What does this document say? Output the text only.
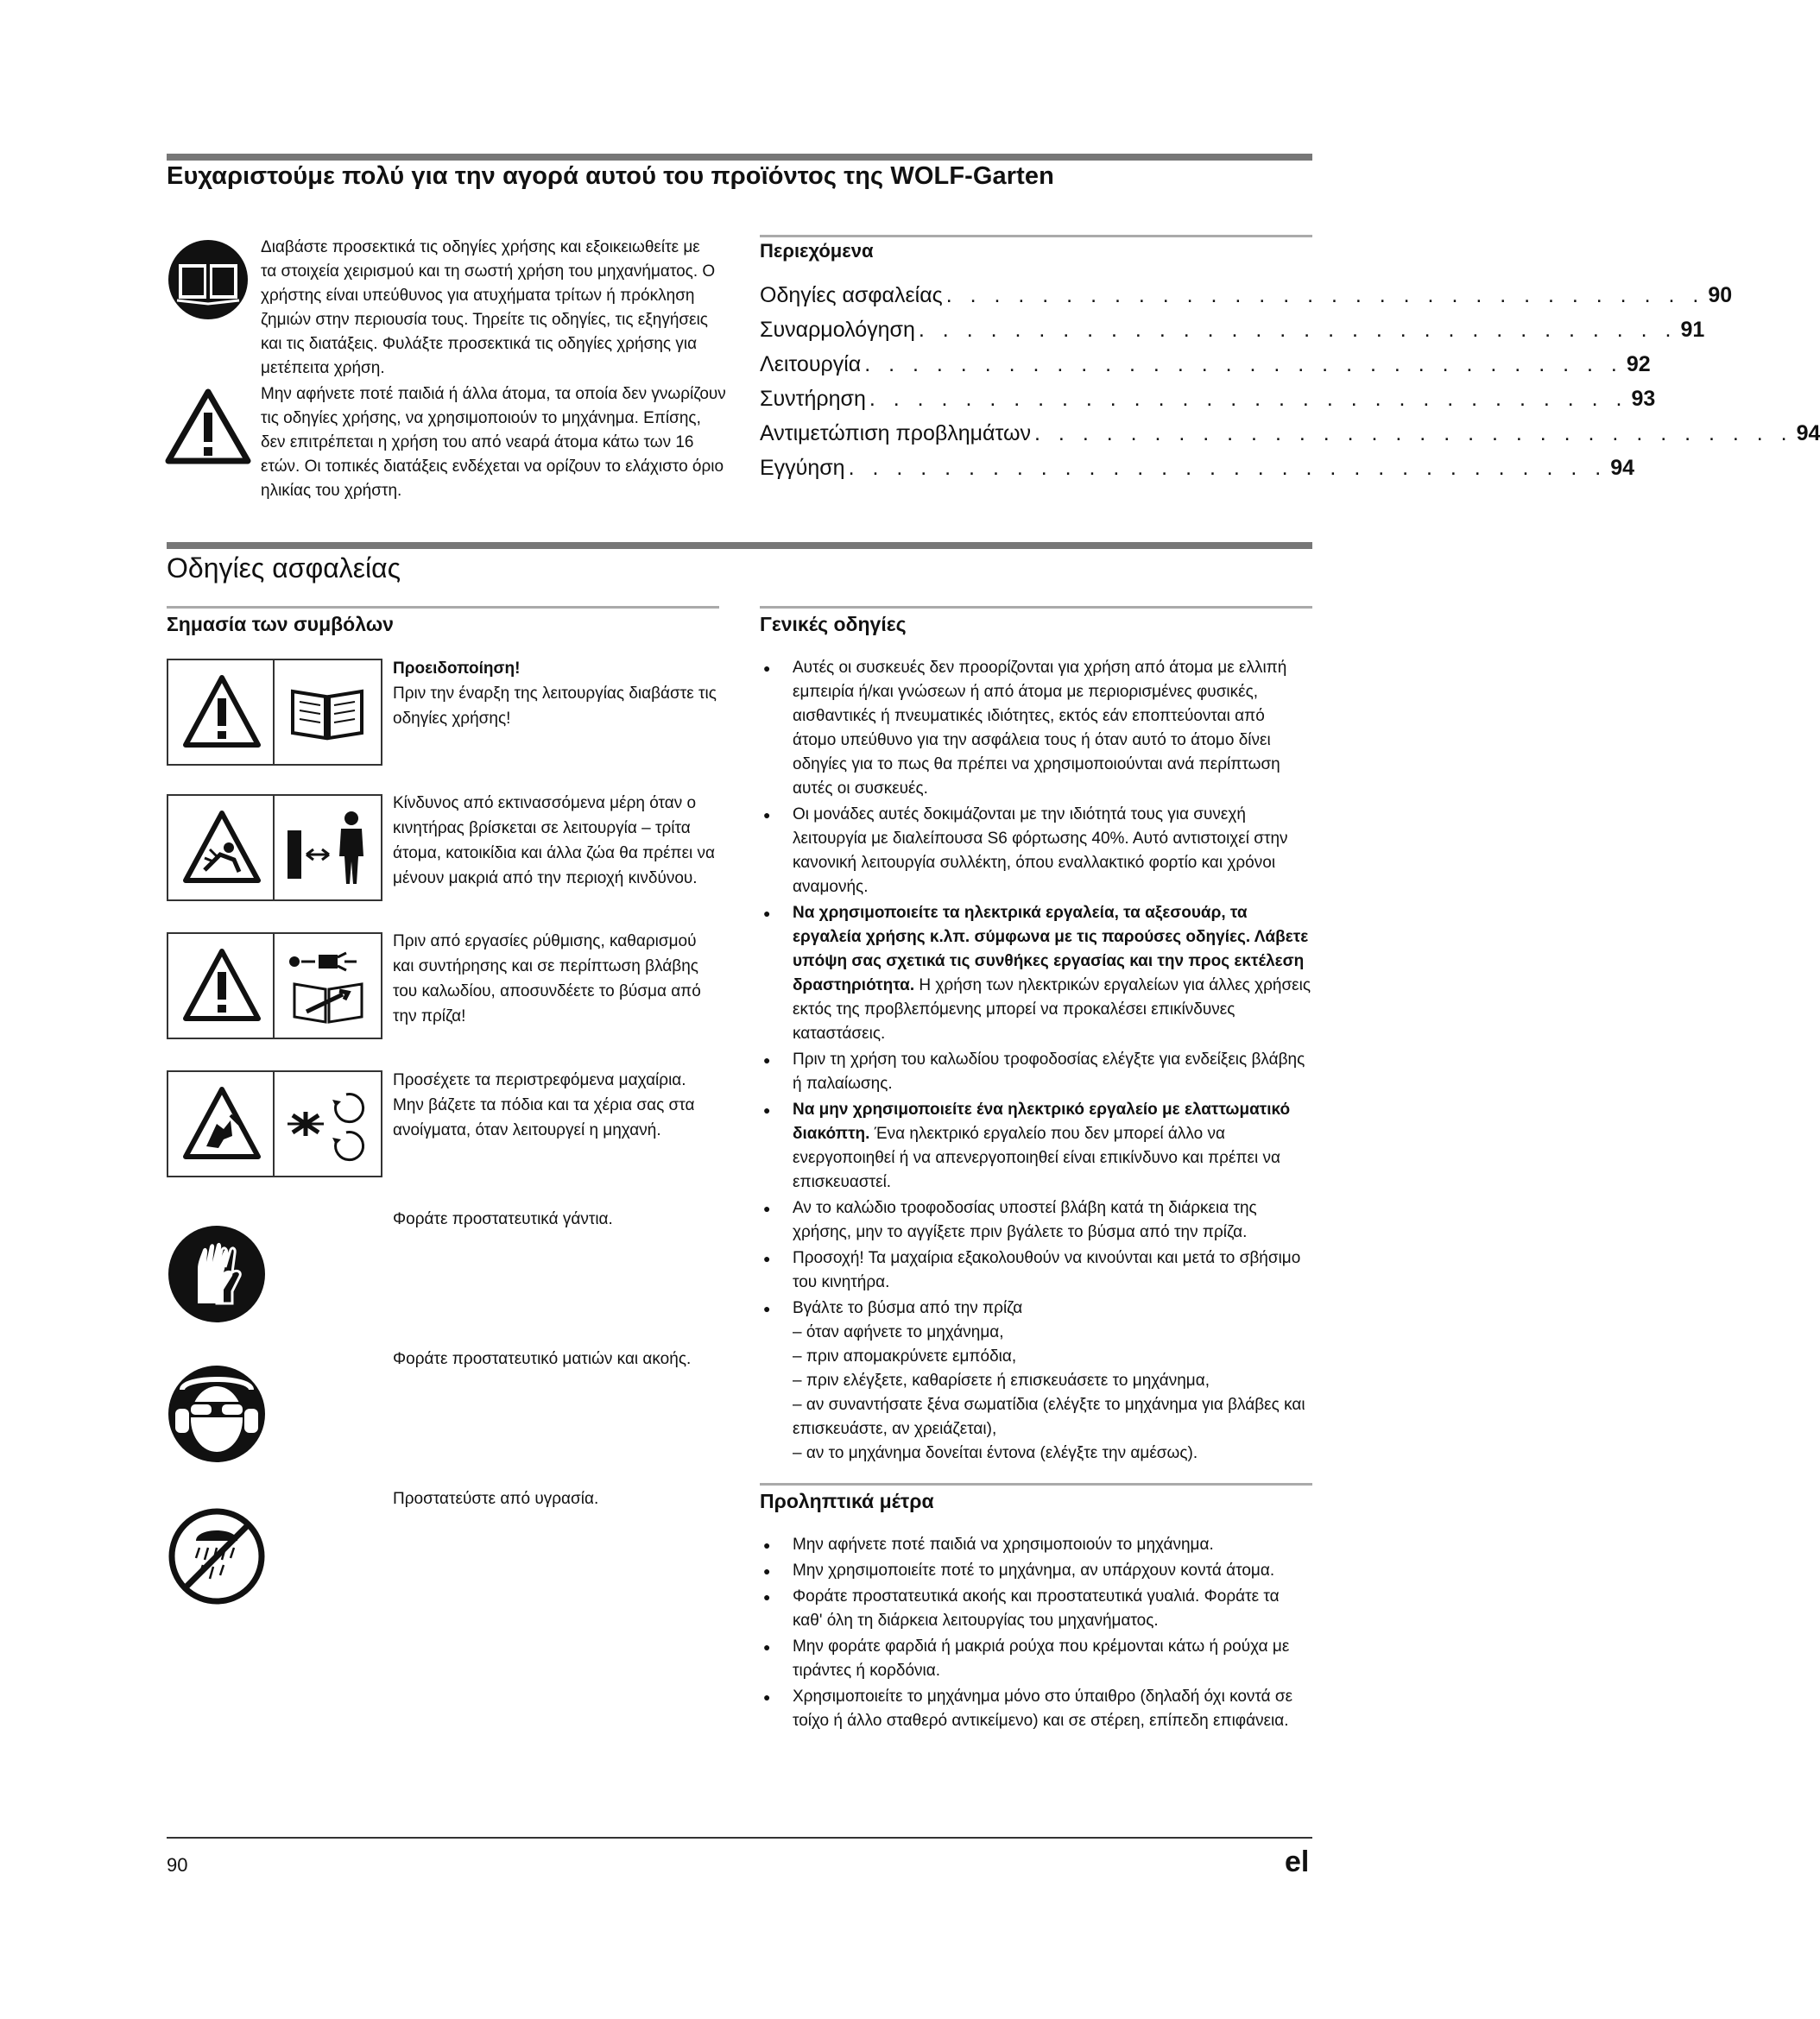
Ευχαριστούμε πολύ για την αγορά αυτού του προϊόντος της WOLF-Garten
Διαβάστε προσεκτικά τις οδηγίες χρήσης και εξοικειωθείτε με τα στοιχεία χειρισμού και τη σωστή χρήση του μηχανήματος. Ο χρήστης είναι υπεύθυνος για ατυχήματα τρίτων ή πρόκληση ζημιών στην περιουσία τους. Τηρείτε τις οδηγίες, τις εξηγήσεις και τις διατάξεις. Φυλάξτε προσεκτικά τις οδηγίες χρήσης για μετέπειτα χρήση.
Μην αφήνετε ποτέ παιδιά ή άλλα άτομα, τα οποία δεν γνωρίζουν τις οδηγίες χρήσης, να χρησιμοποιούν το μηχάνημα. Επίσης, δεν επιτρέπεται η χρήση του από νεαρά άτομα κάτω των 16 ετών. Οι τοπικές διατάξεις ενδέχεται να ορίζουν το ελάχιστο όριο ηλικίας του χρήστη.
Περιεχόμενα
Οδηγίες ασφαλείας . . . . . . . . . . . . . . . . . . . . . . . . . . . . . . . . 90
Συναρμολόγηση . . . . . . . . . . . . . . . . . . . . . . . . . . . . . . . . 91
Λειτουργία . . . . . . . . . . . . . . . . . . . . . . . . . . . . . . . . 92
Συντήρηση . . . . . . . . . . . . . . . . . . . . . . . . . . . . . . . . 93
Αντιμετώπιση προβλημάτων . . . . . . . . . . . . . . . . . . . . . . . . . . . . . . . . 94
Εγγύηση . . . . . . . . . . . . . . . . . . . . . . . . . . . . . . . . 94
Οδηγίες ασφαλείας
Σημασία των συμβόλων
Προειδοποίηση!
Πριν την έναρξη της λειτουργίας διαβάστε τις οδηγίες χρήσης!
Κίνδυνος από εκτινασσόμενα μέρη όταν ο κινητήρας βρίσκεται σε λειτουργία – τρίτα άτομα, κατοικίδια και άλλα ζώα θα πρέπει να μένουν μακριά από την περιοχή κινδύνου.
Πριν από εργασίες ρύθμισης, καθαρισμού και συντήρησης και σε περίπτωση βλάβης του καλωδίου, αποσυνδέετε το βύσμα από την πρίζα!
Προσέχετε τα περιστρεφόμενα μαχαίρια. Μην βάζετε τα πόδια και τα χέρια σας στα ανοίγματα, όταν λειτουργεί η μηχανή.
Φοράτε προστατευτικά γάντια.
Φοράτε προστατευτικό ματιών και ακοής.
Προστατεύστε από υγρασία.
Γενικές οδηγίες
● Αυτές οι συσκευές δεν προορίζονται για χρήση από άτομα με ελλιπή εμπειρία ή/και γνώσεων ή από άτομα με περιορισμένες φυσικές, αισθαντικές ή πνευματικές ιδιότητες, εκτός εάν εποπτεύονται από άτομο υπεύθυνο για την ασφάλεια τους ή όταν αυτό το άτομο δίνει οδηγίες για το πως θα πρέπει να χρησιμοποιούνται ανά περίπτωση αυτές οι συσκευές.
● Οι μονάδες αυτές δοκιμάζονται με την ιδιότητά τους για συνεχή λειτουργία με διαλείπουσα S6 φόρτωσης 40%. Αυτό αντιστοιχεί στην κανονική λειτουργία συλλέκτη, όπου εναλλακτικό φορτίο και χρόνοι αναμονής.
● Να χρησιμοποιείτε τα ηλεκτρικά εργαλεία, τα αξεσουάρ, τα εργαλεία χρήσης κ.λπ. σύμφωνα με τις παρούσες οδηγίες. Λάβετε υπόψη σας σχετικά τις συνθήκες εργασίας και την προς εκτέλεση δραστηριότητα. Η χρήση των ηλεκτρικών εργαλείων για άλλες χρήσεις εκτός της προβλεπόμενης μπορεί να προκαλέσει επικίνδυνες καταστάσεις.
● Πριν τη χρήση του καλωδίου τροφοδοσίας ελέγξτε για ενδείξεις βλάβης ή παλαίωσης.
● Να μην χρησιμοποιείτε ένα ηλεκτρικό εργαλείο με ελαττωματικό διακόπτη. Ένα ηλεκτρικό εργαλείο που δεν μπορεί άλλο να ενεργοποιηθεί ή να απενεργοποιηθεί είναι επικίνδυνο και πρέπει να επισκευαστεί.
● Αν το καλώδιο τροφοδοσίας υποστεί βλάβη κατά τη διάρκεια της χρήσης, μην το αγγίξετε πριν βγάλετε το βύσμα από την πρίζα.
● Προσοχή! Τα μαχαίρια εξακολουθούν να κινούνται και μετά το σβήσιμο του κινητήρα.
● Βγάλτε το βύσμα από την πρίζα
– όταν αφήνετε το μηχάνημα,
– πριν απομακρύνετε εμπόδια,
– πριν ελέγξετε, καθαρίσετε ή επισκευάσετε το μηχάνημα,
– αν συναντήσατε ξένα σωματίδια (ελέγξτε το μηχάνημα για βλάβες και επισκευάστε, αν χρειάζεται),
– αν το μηχάνημα δονείται έντονα (ελέγξτε την αμέσως).
Προληπτικά μέτρα
● Μην αφήνετε ποτέ παιδιά να χρησιμοποιούν το μηχάνημα.
● Μην χρησιμοποιείτε ποτέ το μηχάνημα, αν υπάρχουν κοντά άτομα.
● Φοράτε προστατευτικά ακοής και προστατευτικά γυαλιά. Φοράτε τα καθ' όλη τη διάρκεια λειτουργίας του μηχανήματος.
● Μην φοράτε φαρδιά ή μακριά ρούχα που κρέμονται κάτω ή ρούχα με τιράντες ή κορδόνια.
● Χρησιμοποιείτε το μηχάνημα μόνο στο ύπαιθρο (δηλαδή όχι κοντά σε τοίχο ή άλλο σταθερό αντικείμενο) και σε στέρεη, επίπεδη επιφάνεια.
90	el
